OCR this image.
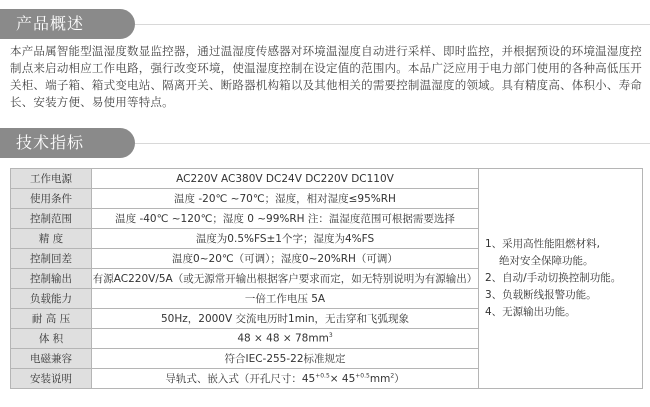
产品概述

本产品属智能型温湿度数显监控器，通过温湿度传感器对环境温湿度自动进行采样、即时监控，并根据预设的环境温湿度控制点来启动相应工作电路，强行改变环境，使温湿度控制在设定值的范围内。本品广泛应用于电力部门使用的各种高低压开关柜、端子箱、箱式变电站、隔离开关、断路器机构箱以及其他相关的需要控制温湿度的领域。具有精度高、体积小、寿命长、安装方便、易使用等特点。

技术指标
工作电源	AC220V AC380V DC24V DC220V DC110V	1、采用高性能阻燃材料,

绝对安全保障功能。

2、自动/手动切换控制功能。

3、负载断线报警功能。

4、无源输出功能。

使用条件	温度 -20℃ ~70℃；湿度，相对湿度≤95%RH	
控制范围	温度 -40℃ ~120℃；湿度 0 ~99%RH 注：温湿度范围可根据需要选择	
精 度	温度为0.5%FS±1个字；湿度为4%FS	
控制回差	温度0~20℃（可调）；湿度0~20%RH（可调）	
控制输出	有源AC220V/5A（或无源常开输出根据客户要求而定，如无特别说明为有源输出）	
负载能力	一倍工作电压 5A	
耐 高 压	50Hz，2000V 交流电历时1min，无击穿和飞弧现象	
体 积	$48 \times 48 \times 78mm^3$
电磁兼容	符合IEC-255-22标准规定	
安装说明	导轨式、嵌入式（开孔尺寸：$45^{+0.5}\times 45^{+0.5}mm^2$）	
